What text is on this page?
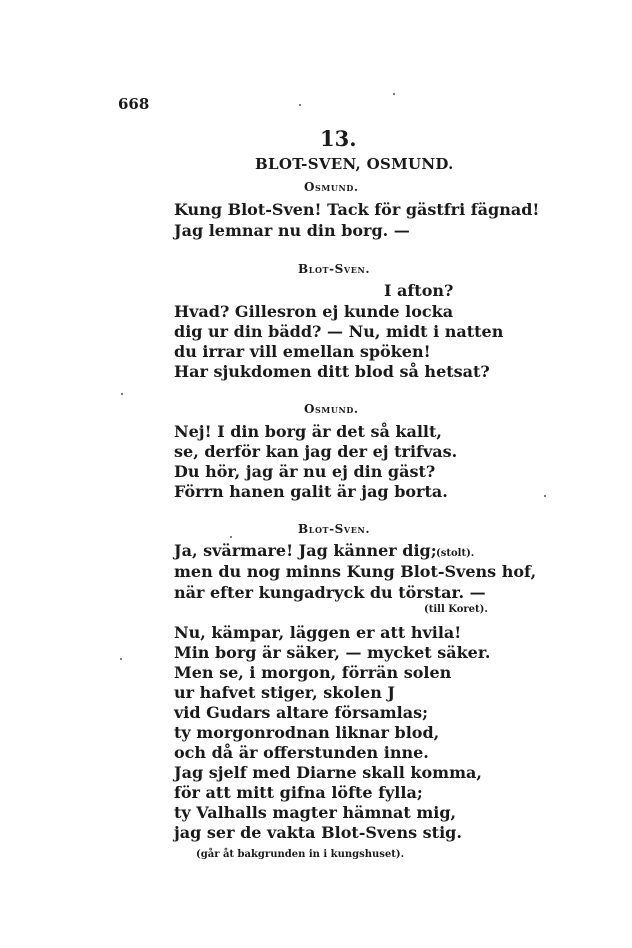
668
13.
BLOT-SVEN, OSMUND.
Osmund.
Kung Blot-Sven! Tack för gästfri fägnad!
Jag lemnar nu din borg. —
Blot-Sven.
I afton?
Hvad? Gillesron ej kunde locka
dig ur din bädd? — Nu, midt i natten
du irrar vill emellan spöken!
Har sjukdomen ditt blod så hetsat?
Osmund.
Nej! I din borg är det så kallt,
se, derför kan jag der ej trifvas.
Du hör, jag är nu ej din gäst?
Förrn hanen galit är jag borta.
Blot-Sven.
Ja, svärmare! Jag känner dig; (stolt).
men du nog minns Kung Blot-Svens hof,
när efter kungadryck du törstar. —
(till Koret).
Nu, kämpar, läggen er att hvila!
Min borg är säker, — mycket säker.
Men se, i morgon, förrän solen
ur hafvet stiger, skolen J
vid Gudars altare församlas;
ty morgonrodnan liknar blod,
och då är offerstunden inne.
Jag sjelf med Diarne skall komma,
för att mitt gifna löfte fylla;
ty Valhalls magter hämnat mig,
jag ser de vakta Blot-Svens stig.
(går åt bakgrunden in i kungshuset).
